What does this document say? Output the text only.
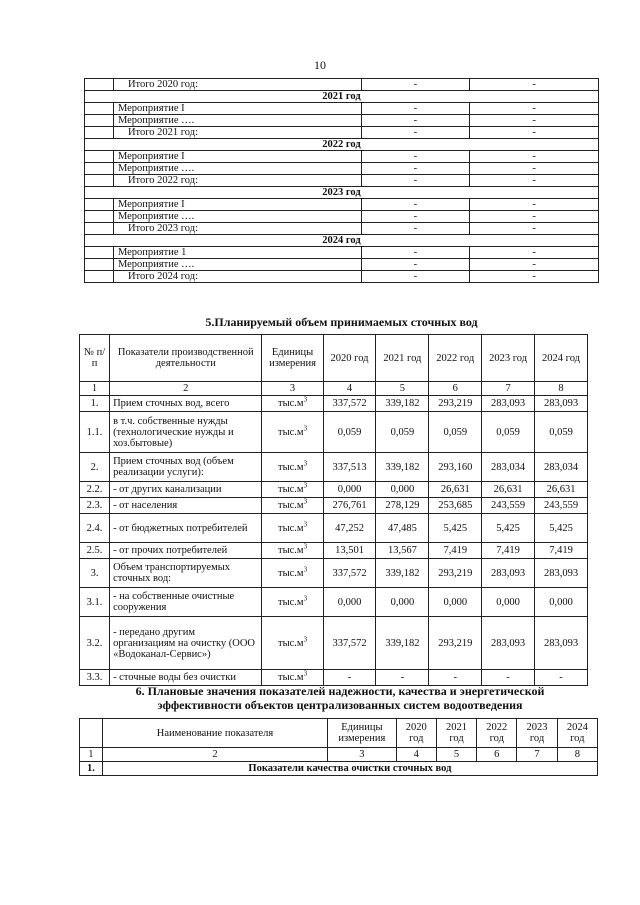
10
	Итого 2020 год:	-	-
2021 год			
	Мероприятие I	-	-
	Мероприятие ….	-	-
	Итого 2021 год:	-	-
2022 год			
	Мероприятие I	-	-
	Мероприятие ….	-	-
	Итого 2022 год:	-	-
2023 год			
	Мероприятие I	-	-
	Мероприятие ….	-	-
	Итого 2023 год:	-	-
2024 год			
	Мероприятие 1	-	-
	Мероприятие ….	-	-
	Итого 2024 год:	-	-
5.Планируемый объем принимаемых сточных вод
№ п/п	Показатели производственной деятельности	Единицы измерения	2020 год	2021 год	2022 год	2023 год	2024 год
1	2	3	4	5	6	7	8
1.	Прием сточных вод, всего	$тыс.м^3$	337,572	339,182	293,219	283,093	283,093
1.1.	в т.ч. собственные нужды (технологические нужды и хоз.бытовые)	$тыс.м^3$	0,059	0,059	0,059	0,059	0,059
2.	Прием сточных вод (объем реализации услуги):	$тыс.м^3$	337,513	339,182	293,160	283,034	283,034
2.2.	- от других канализации	$тыс.м^3$	0,000	0,000	26,631	26,631	26,631
2.3.	- от населения	$тыс.м^3$	276,761	278,129	253,685	243,559	243,559
2.4.	- от бюджетных потребителей	$тыс.м^3$	47,252	47,485	5,425	5,425	5,425
2.5.	- от прочих потребителей	$тыс.м^3$	13,501	13,567	7,419	7,419	7,419
3.	Объем транспортируемых сточных вод:	$тыс.м^3$	337,572	339,182	293,219	283,093	283,093
3.1.	- на собственные очистные сооружения	$тыс.м^3$	0,000	0,000	0,000	0,000	0,000
3.2.	- передано другим организациям на очистку (ООО «Водоканал-Сервис»)	$тыс.м^3$	337,572	339,182	293,219	283,093	283,093
3.3.	- сточные воды без очистки	$тыс.м^3$	-	-	-	-	-
6. Плановые значения показателей надежности, качества и энергетической
эффективности объектов централизованных систем водоотведения
	Наименование показателя	Единицы измерения	2020 год	2021 год	2022 год	2023 год	2024 год
1	2	3	4	5	6	7	8
1.	Показатели качества очистки сточных вод						
